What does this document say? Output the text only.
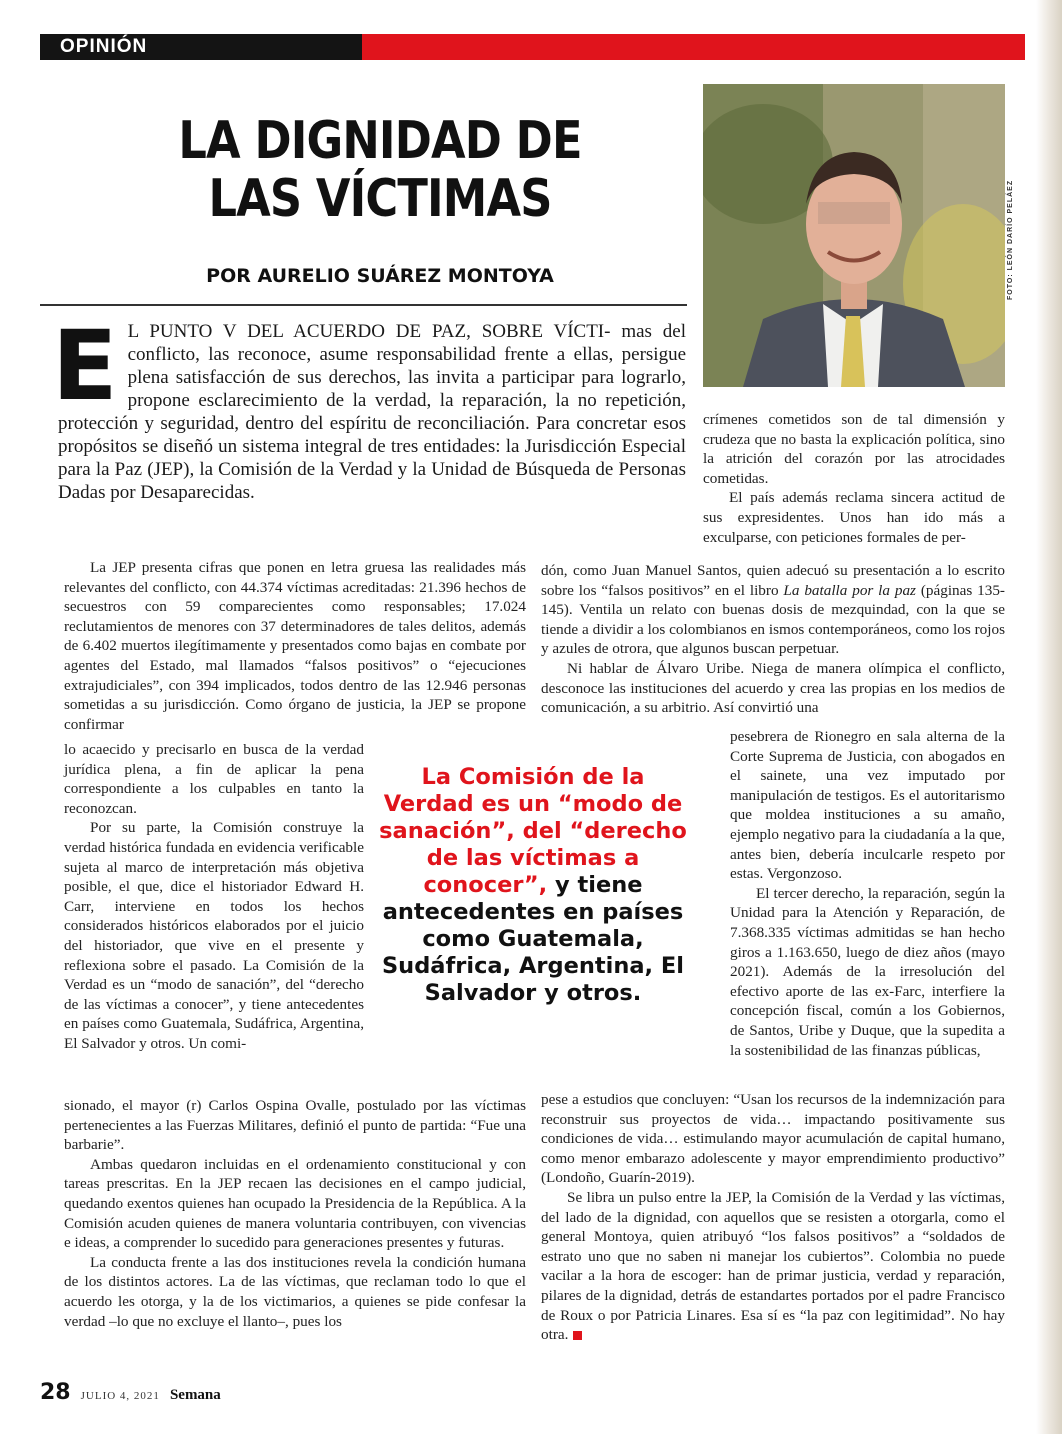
OPINIÓN
LA DIGNIDAD DE
LAS VÍCTIMAS
POR AURELIO SUÁREZ MONTOYA	FOTO: LEÓN DARÍO PELÁEZ
E L PUNTO V DEL ACUERDO DE PAZ, SOBRE VÍCTI- mas del conflicto, las reconoce, asume responsabilidad frente a ellas, persigue plena satisfacción de sus derechos, las invita a participar para lograrlo, propone esclarecimiento de la verdad, la reparación, la no repetición, protección y seguridad, dentro del espíritu de reconciliación. Para concretar esos propósitos se diseñó un sistema integral de tres entidades: la Jurisdicción Especial para la Paz (JEP), la Comisión de la Verdad y la Unidad de Búsqueda de Personas Dadas por Desaparecidas.

La JEP presenta cifras que ponen en letra gruesa las realidades más relevantes del conflicto, con 44.374 víctimas acreditadas: 21.396 hechos de secuestros con 59 comparecientes como responsables; 17.024 reclutamientos de menores con 37 determinadores de tales delitos, además de 6.402 muertos ilegítimamente y presentados como bajas en combate por agentes del Estado, mal llamados “falsos positivos” o “ejecuciones extrajudiciales”, con 394 implicados, todos dentro de las 12.946 personas sometidas a su jurisdicción. Como órgano de justicia, la JEP se propone confirmar

lo acaecido y precisarlo en busca de la verdad jurídica plena, a fin de aplicar la pena correspondiente a los culpables en tanto la reconozcan.

Por su parte, la Comisión construye la verdad histórica fundada en evidencia verificable sujeta al marco de interpretación más objetiva posible, el que, dice el historiador Edward H. Carr, interviene en todos los hechos considerados históricos elaborados por el juicio del historiador, que vive en el presente y reflexiona sobre el pasado. La Comisión de la Verdad es un “modo de sanación”, del “derecho de las víctimas a conocer”, y tiene antecedentes en países como Guatemala, Sudáfrica, Argentina, El Salvador y otros. Un comi-

sionado, el mayor (r) Carlos Ospina Ovalle, postulado por las víctimas pertenecientes a las Fuerzas Militares, definió el punto de partida: “Fue una barbarie”.

Ambas quedaron incluidas en el ordenamiento constitucional y con tareas prescritas. En la JEP recaen las decisiones en el campo judicial, quedando exentos quienes han ocupado la Presidencia de la República. A la Comisión acuden quienes de manera voluntaria contribuyen, con vivencias e ideas, a comprender lo sucedido para generaciones presentes y futuras.

La conducta frente a las dos instituciones revela la condición humana de los distintos actores. La de las víctimas, que reclaman todo lo que el acuerdo les otorga, y la de los victimarios, a quienes se pide confesar la verdad –lo que no excluye el llanto–, pues los

crímenes cometidos son de tal dimensión y crudeza que no basta la explicación política, sino la atrición del corazón por las atrocidades cometidas.

El país además reclama sincera actitud de sus expresidentes. Unos han ido más a exculparse, con peticiones formales de per-

dón, como Juan Manuel Santos, quien adecuó su presentación a lo escrito sobre los “falsos positivos” en el libro La batalla por la paz (páginas 135-145). Ventila un relato con buenas dosis de mezquindad, con la que se tiende a dividir a los colombianos en ismos contemporáneos, como los rojos y azules de otrora, que algunos buscan perpetuar.

Ni hablar de Álvaro Uribe. Niega de manera olímpica el conflicto, desconoce las instituciones del acuerdo y crea las propias en los medios de comunicación, a su arbitrio. Así convirtió una

pesebrera de Rionegro en sala alterna de la Corte Suprema de Justicia, con abogados en el sainete, una vez imputado por manipulación de testigos. Es el autoritarismo que moldea instituciones a su amaño, ejemplo negativo para la ciudadanía a la que, antes bien, debería inculcarle respeto por estas. Vergonzoso.

El tercer derecho, la reparación, según la Unidad para la Atención y Reparación, de 7.368.335 víctimas admitidas se han hecho giros a 1.163.650, luego de diez años (mayo 2021). Además de la irresolución del efectivo aporte de las ex-Farc, interfiere la concepción fiscal, común a los Gobiernos, de Santos, Uribe y Duque, que la supedita a la sostenibilidad de las finanzas públicas,

pese a estudios que concluyen: “Usan los recursos de la indemnización para reconstruir sus proyectos de vida… impactando positivamente sus condiciones de vida… estimulando mayor acumulación de capital humano, como menor embarazo adolescente y mayor emprendimiento productivo” (Londoño, Guarín-2019).

Se libra un pulso entre la JEP, la Comisión de la Verdad y las víctimas, del lado de la dignidad, con aquellos que se resisten a otorgarla, como el general Montoya, quien atribuyó “los falsos positivos” a “soldados de estrato uno que no saben ni manejar los cubiertos”. Colombia no puede vacilar a la hora de escoger: han de primar justicia, verdad y reparación, pilares de la dignidad, detrás de estandartes portados por el padre Francisco de Roux o por Patricia Linares. Esa sí es “la paz con legitimidad”. No hay otra.

La Comisión de la Verdad es un “modo de sanación”, del “derecho de las víctimas a conocer”, y tiene antecedentes en países como Guatemala, Sudáfrica, Argentina, El Salvador y otros.
28 JULIO 4, 2021 Semana
